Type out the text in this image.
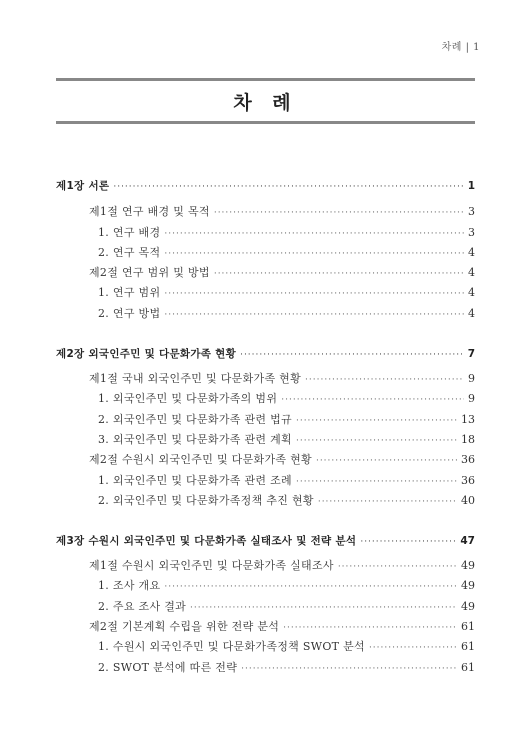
차례 | 1
차 례
제1장 서론 ·····	1
제1절 연구 배경 및 목적 ·····	3
1. 연구 배경 ·····	3
2. 연구 목적 ·····	4
제2절 연구 범위 및 방법 ·····	4
1. 연구 범위 ·····	4
2. 연구 방법 ·····	4
제2장 외국인주민 및 다문화가족 현황 ·····	7
제1절 국내 외국인주민 및 다문화가족 현황 ·····	9
1. 외국인주민 및 다문화가족의 범위 ·····	9
2. 외국인주민 및 다문화가족 관련 법규 ·····	13
3. 외국인주민 및 다문화가족 관련 계획 ·····	18
제2절 수원시 외국인주민 및 다문화가족 현황 ·····	36
1. 외국인주민 및 다문화가족 관련 조례 ·····	36
2. 외국인주민 및 다문화가족정책 추진 현황 ·····	40
제3장 수원시 외국인주민 및 다문화가족 실태조사 및 전략 분석 ·····	47
제1절 수원시 외국인주민 및 다문화가족 실태조사 ·····	49
1. 조사 개요 ·····	49
2. 주요 조사 결과 ·····	49
제2절 기본계획 수립을 위한 전략 분석 ·····	61
1. 수원시 외국인주민 및 다문화가족정책 SWOT 분석 ·····	61
2. SWOT 분석에 따른 전략 ·····	61
